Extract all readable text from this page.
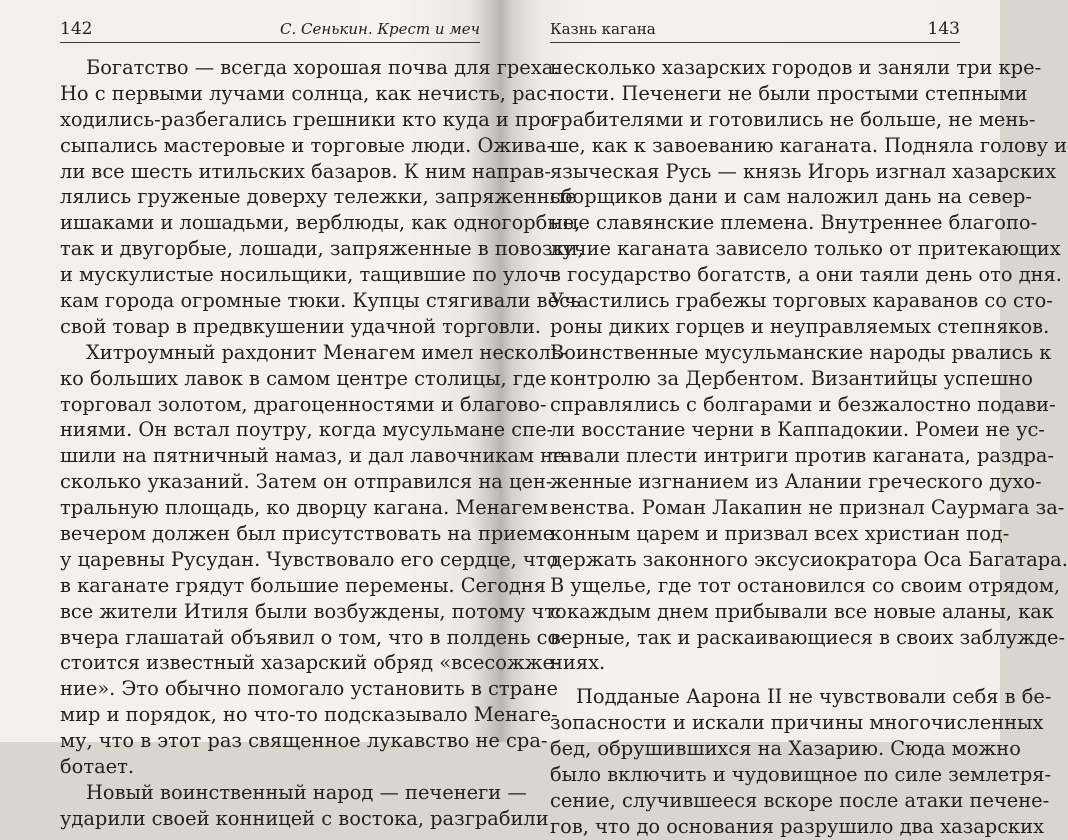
142	С. Сенькин. Крест и меч
Богатство — всегда хорошая почва для греха.
Но с первыми лучами солнца, как нечисть, рас-
ходились-разбегались грешники кто куда и про-
сыпались мастеровые и торговые люди. Ожива-
ли все шесть итильских базаров. К ним направ-
лялись груженые доверху тележки, запряженные
ишаками и лошадьми, верблюды, как одногорбые,
так и двугорбые, лошади, запряженные в повозки,
и мускулистые носильщики, тащившие по улоч-
кам города огромные тюки. Купцы стягивали весь
свой товар в предвкушении удачной торговли.
Хитроумный рахдонит Менагем имел несколь-
ко больших лавок в самом центре столицы, где
торговал золотом, драгоценностями и благово-
ниями. Он встал поутру, когда мусульмане спе-
шили на пятничный намаз, и дал лавочникам не-
сколько указаний. Затем он отправился на цен-
тральную площадь, ко дворцу кагана. Менагем
вечером должен был присутствовать на приеме
у царевны Русудан. Чувствовало его сердце, что
в каганате грядут большие перемены. Сегодня
все жители Итиля были возбуждены, потому что
вчера глашатай объявил о том, что в полдень со-
стоится известный хазарский обряд «всесожже-
ние». Это обычно помогало установить в стране
мир и порядок, но что-то подсказывало Менаге-
му, что в этот раз священное лукавство не сра-
ботает.
Новый воинственный народ — печенеги —
ударили своей конницей с востока, разграбили
Казнь кагана	143
несколько хазарских городов и заняли три кре-
пости. Печенеги не были простыми степными
грабителями и готовились не больше, не мень-
ше, как к завоеванию каганата. Подняла голову и
языческая Русь — князь Игорь изгнал хазарских
сборщиков дани и сам наложил дань на север-
ные славянские племена. Внутреннее благопо-
лучие каганата зависело только от притекающих
в государство богатств, а они таяли день ото дня.
Участились грабежы торговых караванов со сто-
роны диких горцев и неуправляемых степняков.
Воинственные мусульманские народы рвались к
контролю за Дербентом. Византийцы успешно
справлялись с болгарами и безжалостно подави-
ли восстание черни в Каппадокии. Ромеи не ус-
тавали плести интриги против каганата, раздра-
женные изгнанием из Алании греческого духо-
венства. Роман Лакапин не признал Саурмага за-
конным царем и призвал всех христиан под-
держать законного эксусиократора Оса Багатара.
В ущелье, где тот остановился со своим отрядом,
с каждым днем прибывали все новые аланы, как
верные, так и раскаивающиеся в своих заблужде-
ниях.
Подданые Аарона II не чувствовали себя в бе-
зопасности и искали причины многочисленных
бед, обрушившихся на Хазарию. Сюда можно
было включить и чудовищное по силе землетря-
сение, случившееся вскоре после атаки печене-
гов, что до основания разрушило два хазарских
